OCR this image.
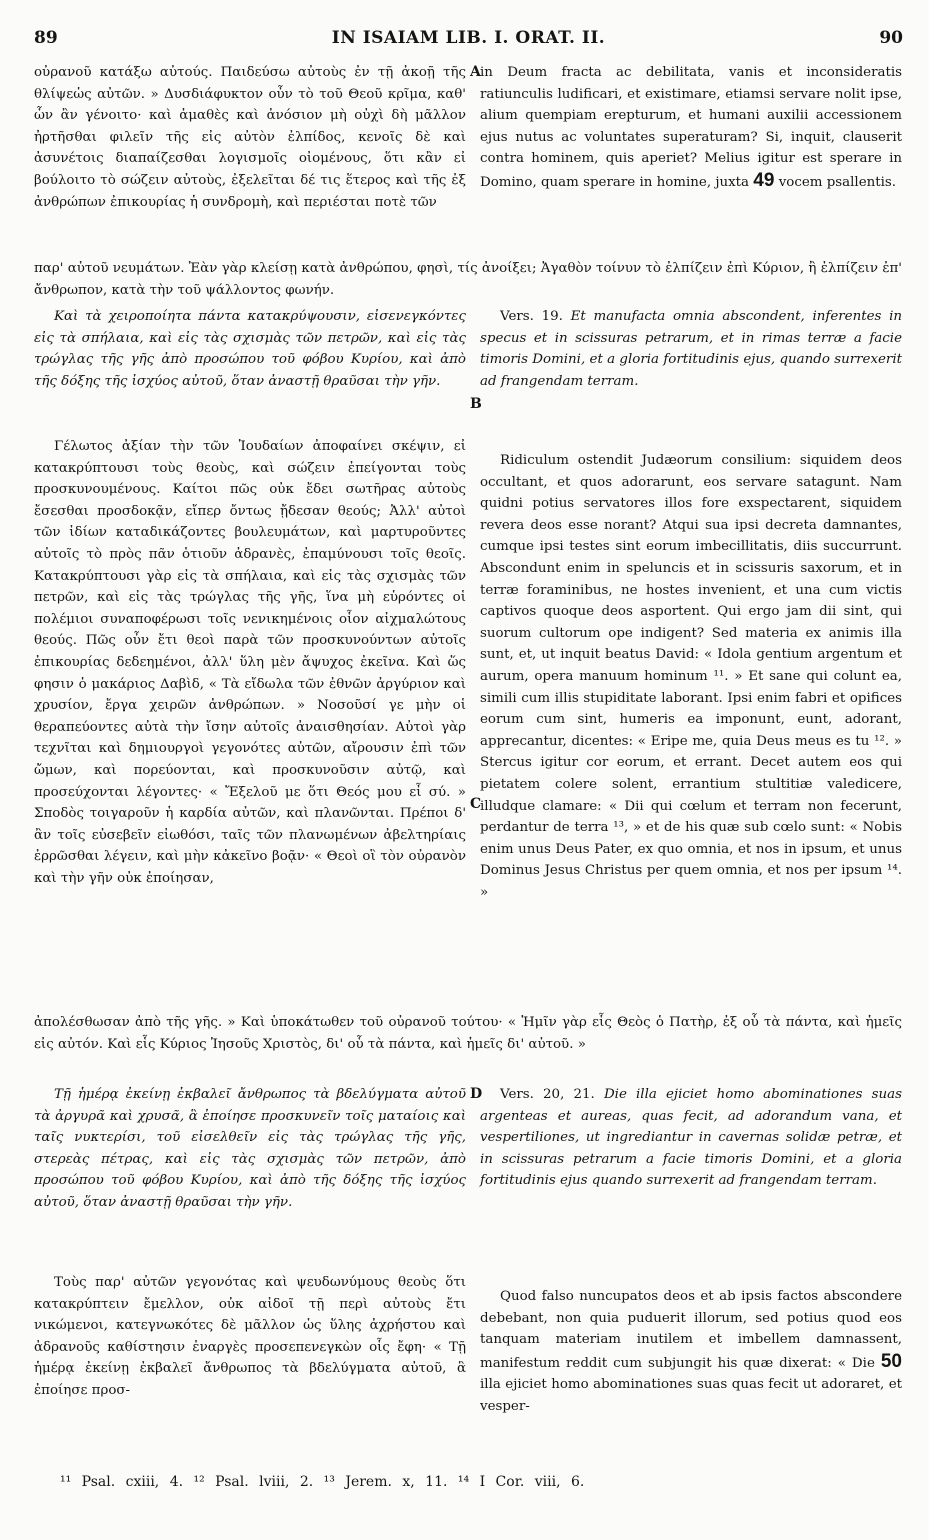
89	IN ISAIAM LIB. I. ORAT. II.	90

οὐρανοῦ κατάξω αὐτούς. Παιδεύσω αὐτοὺς ἐν τῇ ἀκοῇ τῆς θλίψεὡς αὐτῶν. » Δυσδιάφυκτον οὖν τὸ τοῦ Θεοῦ κρῖμα, καθ' ὧν ἂν γένοιτο· καὶ ἀμαθὲς καὶ ἀνόσιον μὴ οὐχὶ δὴ μᾶλλον ἠρτῆσθαι φιλεῖν τῆς εἰς αὐτὸν ἐλπίδος, κενοῖς δὲ καὶ ἀσυνέτοις διαπαίζεσθαι λογισμοῖς οἰομένους, ὅτι κἂν εἰ βούλοιτο τὸ σώζειν αὐτοὺς, ἐξελεῖται δέ τις ἕτερος καὶ τῆς ἐξ ἀνθρώπων ἐπικουρίας ἡ συνδρομὴ, καὶ περιέσται ποτὲ τῶν

A in Deum fracta ac debilitata, vanis et inconsideratis ratiunculis ludificari, et existimare, etiamsi servare nolit ipse, alium quempiam erepturum, et humani auxilii accessionem ejus nutus ac voluntates superaturam? Si, inquit, clauserit contra hominem, quis aperiet? Melius igitur est sperare in Domino, quam sperare in homine, juxta 49 vocem psallentis.

παρ' αὐτοῦ νευμάτων. Ἐὰν γὰρ κλείσῃ κατὰ ἀνθρώπου, φησὶ, τίς ἀνοίξει; Ἀγαθὸν τοίνυν τὸ ἐλπίζειν ἐπὶ Κύριον, ἢ ἐλπίζειν ἐπ' ἄνθρωπον, κατὰ τὴν τοῦ ψάλλοντος φωνήν.

Καὶ τὰ χειροποίητα πάντα κατακρύψουσιν, εἰσενεγκόντες εἰς τὰ σπήλαια, καὶ εἰς τὰς σχισμὰς τῶν πετρῶν, καὶ εἰς τὰς τρώγλας τῆς γῆς ἀπὸ προσώπου τοῦ φόβου Κυρίου, καὶ ἀπὸ τῆς δόξης τῆς ἰσχύος αὐτοῦ, ὅταν ἀναστῇ θραῦσαι τὴν γῆν.

B

Vers. 19. Et manufacta omnia abscondent, inferentes in specus et in scissuras petrarum, et in rimas terræ a facie timoris Domini, et a gloria fortitudinis ejus, quando surrexerit ad frangendam terram.

Γέλωτος ἀξίαν τὴν τῶν Ἰουδαίων ἀποφαίνει σκέψιν, εἰ κατακρύπτουσι τοὺς θεοὺς, καὶ σώζειν ἐπείγονται τοὺς προσκυνουμένους. Καίτοι πῶς οὐκ ἔδει σωτῆρας αὐτοὺς ἔσεσθαι προσδοκᾷν, εἴπερ ὄντως ᾔδεσαν θεούς; Ἀλλ' αὐτοὶ τῶν ἰδίων καταδικάζοντες βουλευμάτων, καὶ μαρτυροῦντες αὐτοῖς τὸ πρὸς πᾶν ὁτιοῦν ἀδρανὲς, ἐπαμύνουσι τοῖς θεοῖς. Κατακρύπτουσι γὰρ εἰς τὰ σπήλαια, καὶ εἰς τὰς σχισμὰς τῶν πετρῶν, καὶ εἰς τὰς τρώγλας τῆς γῆς, ἵνα μὴ εὑρόντες οἱ πολέμιοι συναποφέρωσι τοῖς νενικημένοις οἷον αἰχμαλώτους θεούς. Πῶς οὖν ἔτι θεοὶ παρὰ τῶν προσκυνούντων αὐτοῖς ἐπικουρίας δεδεημένοι, ἀλλ' ὕλη μὲν ἄψυχος ἐκεῖνα. Καὶ ὥς φησιν ὁ μακάριος Δαβὶδ, « Τὰ εἴδωλα τῶν ἐθνῶν ἀργύριον καὶ χρυσίον, ἔργα χειρῶν ἀνθρώπων. » Νοσοῦσί γε μὴν οἱ θεραπεύοντες αὐτὰ τὴν ἴσην αὐτοῖς ἀναισθησίαν. Αὐτοὶ γὰρ τεχνῖται καὶ δημιουργοὶ γεγονότες αὐτῶν, αἴρουσιν ἐπὶ τῶν ὤμων, καὶ πορεύονται, καὶ προσκυνοῦσιν αὐτῷ, καὶ προσεύχονται λέγοντες· « Ἔξελοῦ με ὅτι Θεός μου εἶ σύ. » Σποδὸς τοιγαροῦν ἡ καρδία αὐτῶν, καὶ πλανῶνται. Πρέποι δ' ἂν τοῖς εὐσεβεῖν εἰωθόσι, ταῖς τῶν πλανωμένων ἀβελτηρίαις ἐρρῶσθαι λέγειν, καὶ μὴν κἀκεῖνο βοᾷν· « Θεοὶ οἳ τὸν οὐρανὸν καὶ τὴν γῆν οὐκ ἐποίησαν,

C

Ridiculum ostendit Judæorum consilium: siquidem deos occultant, et quos adorarunt, eos servare satagunt. Nam quidni potius servatores illos fore exspectarent, siquidem revera deos esse norant? Atqui sua ipsi decreta damnantes, cumque ipsi testes sint eorum imbecillitatis, diis succurrunt. Abscondunt enim in speluncis et in scissuris saxorum, et in terræ foraminibus, ne hostes invenient, et una cum victis captivos quoque deos asportent. Qui ergo jam dii sint, qui suorum cultorum ope indigent? Sed materia ex animis illa sunt, et, ut inquit beatus David: « Idola gentium argentum et aurum, opera manuum hominum ¹¹. » Et sane qui colunt ea, simili cum illis stupiditate laborant. Ipsi enim fabri et opifices eorum cum sint, humeris ea imponunt, eunt, adorant, apprecantur, dicentes: « Eripe me, quia Deus meus es tu ¹². » Stercus igitur cor eorum, et errant. Decet autem eos qui pietatem colere solent, errantium stultitiæ valedicere, illudque clamare: « Dii qui cœlum et terram non fecerunt, perdantur de terra ¹³, » et de his quæ sub cœlo sunt: « Nobis enim unus Deus Pater, ex quo omnia, et nos in ipsum, et unus Dominus Jesus Christus per quem omnia, et nos per ipsum ¹⁴. »

ἀπολέσθωσαν ἀπὸ τῆς γῆς. » Καὶ ὑποκάτωθεν τοῦ οὐρανοῦ τούτου· « Ἡμῖν γὰρ εἷς Θεὸς ὁ Πατὴρ, ἐξ οὗ τὰ πάντα, καὶ ἡμεῖς εἰς αὐτόν. Καὶ εἷς Κύριος Ἰησοῦς Χριστὸς, δι' οὗ τὰ πάντα, καὶ ἡμεῖς δι' αὐτοῦ. »

Τῇ ἡμέρᾳ ἐκείνῃ ἐκβαλεῖ ἄνθρωπος τὰ βδελύγματα αὐτοῦ τὰ ἀργυρᾶ καὶ χρυσᾶ, ἃ ἐποίησε προσκυνεῖν τοῖς ματαίοις καὶ ταῖς νυκτερίσι, τοῦ εἰσελθεῖν εἰς τὰς τρώγλας τῆς γῆς, στερεὰς πέτρας, καὶ εἰς τὰς σχισμὰς τῶν πετρῶν, ἀπὸ προσώπου τοῦ φόβου Κυρίου, καὶ ἀπὸ τῆς δόξης τῆς ἰσχύος αὐτοῦ, ὅταν ἀναστῇ θραῦσαι τὴν γῆν.

D	Vers. 20, 21. Die illa ejiciet homo abominationes suas argenteas et aureas, quas fecit, ad adorandum vana, et vespertiliones, ut ingrediantur in cavernas solidæ petræ, et in scissuras petrarum a facie timoris Domini, et a gloria fortitudinis ejus quando surrexerit ad frangendam terram.

Τοὺς παρ' αὐτῶν γεγονότας καὶ ψευδωνύμους θεοὺς ὅτι κατακρύπτειν ἔμελλον, οὐκ αἰδοῖ τῇ περὶ αὐτοὺς ἔτι νικώμενοι, κατεγνωκότες δὲ μᾶλλον ὡς ὕλης ἀχρήστου καὶ ἀδρανοῦς καθίστησιν ἐναργὲς προσεπενεγκὼν οἷς ἔφη· « Τῇ ἡμέρᾳ ἐκείνῃ ἐκβαλεῖ ἄνθρωπος τὰ βδελύγματα αὐτοῦ, ἃ ἐποίησε προσ-

Quod falso nuncupatos deos et ab ipsis factos abscondere debebant, non quia puduerit illorum, sed potius quod eos tanquam materiam inutilem et imbellem damnassent, manifestum reddit cum subjungit his quæ dixerat: « Die 50 illa ejiciet homo abominationes suas quas fecit ut adoraret, et vesper-

¹¹ Psal. cxiii, 4. ¹² Psal. lviii, 2. ¹³ Jerem. x, 11. ¹⁴ I Cor. viii, 6.
